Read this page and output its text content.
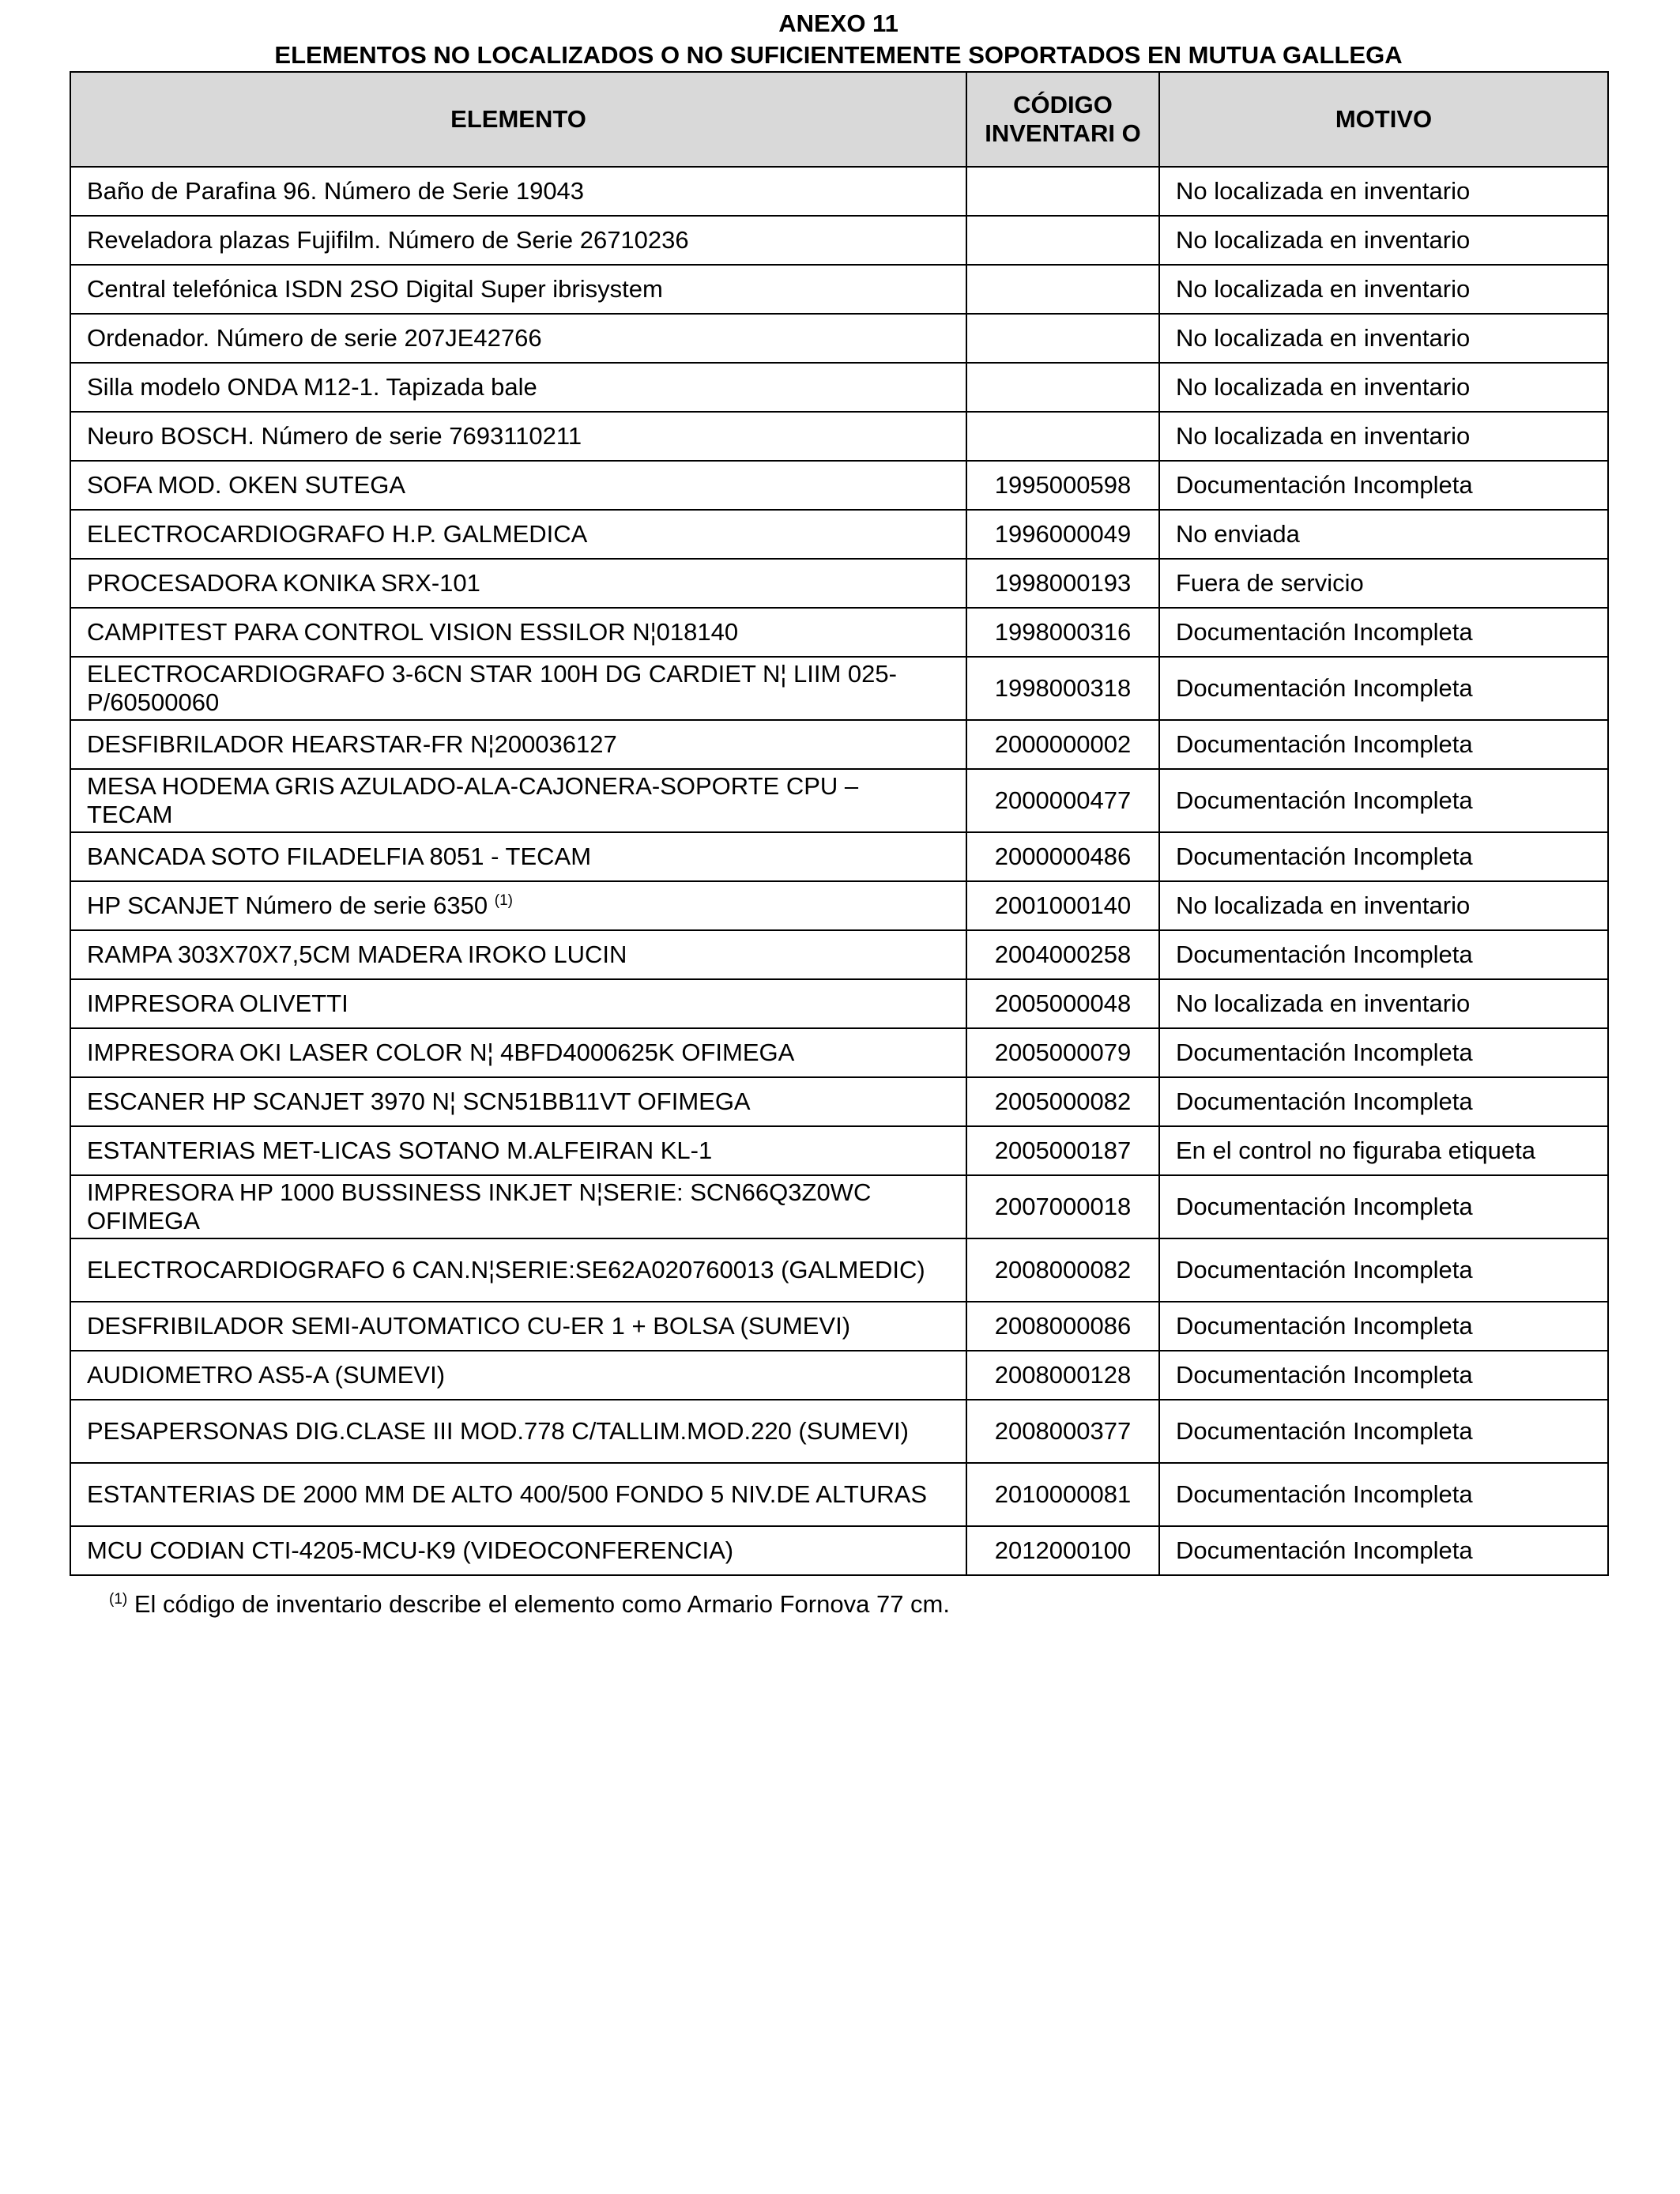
ANEXO 11
ELEMENTOS NO LOCALIZADOS O NO SUFICIENTEMENTE SOPORTADOS EN MUTUA GALLEGA
ELEMENTO	CÓDIGO INVENTARI O	MOTIVO
Baño de Parafina 96. Número de Serie 19043		No localizada en inventario
Reveladora plazas Fujifilm. Número de Serie 26710236		No localizada en inventario
Central telefónica ISDN 2SO Digital Super ibrisystem		No localizada en inventario
Ordenador. Número de serie 207JE42766		No localizada en inventario
Silla modelo ONDA M12-1. Tapizada bale		No localizada en inventario
Neuro BOSCH. Número de serie 7693110211		No localizada en inventario
SOFA MOD. OKEN SUTEGA	1995000598	Documentación Incompleta
ELECTROCARDIOGRAFO H.P. GALMEDICA	1996000049	No enviada
PROCESADORA KONIKA SRX-101	1998000193	Fuera de servicio
CAMPITEST PARA CONTROL VISION ESSILOR N¦018140	1998000316	Documentación Incompleta
ELECTROCARDIOGRAFO 3-6CN STAR 100H DG CARDIET N¦ LIIM 025-P/60500060	1998000318	Documentación Incompleta
DESFIBRILADOR HEARSTAR-FR N¦200036127	2000000002	Documentación Incompleta
MESA HODEMA GRIS AZULADO-ALA-CAJONERA-SOPORTE CPU – TECAM	2000000477	Documentación Incompleta
BANCADA SOTO FILADELFIA 8051 - TECAM	2000000486	Documentación Incompleta
HP SCANJET Número de serie 6350 $^{(1)}$	2001000140	No localizada en inventario
RAMPA 303X70X7,5CM MADERA IROKO LUCIN	2004000258	Documentación Incompleta
IMPRESORA OLIVETTI	2005000048	No localizada en inventario
IMPRESORA OKI LASER COLOR N¦ 4BFD4000625K OFIMEGA	2005000079	Documentación Incompleta
ESCANER HP SCANJET 3970 N¦ SCN51BB11VT OFIMEGA	2005000082	Documentación Incompleta
ESTANTERIAS MET-LICAS SOTANO M.ALFEIRAN KL-1	2005000187	En el control no figuraba etiqueta
IMPRESORA HP 1000 BUSSINESS INKJET N¦SERIE: SCN66Q3Z0WC OFIMEGA	2007000018	Documentación Incompleta
ELECTROCARDIOGRAFO 6 CAN.N¦SERIE:SE62A020760013 (GALMEDIC)	2008000082	Documentación Incompleta
DESFRIBILADOR SEMI-AUTOMATICO CU-ER 1 + BOLSA (SUMEVI)	2008000086	Documentación Incompleta
AUDIOMETRO AS5-A (SUMEVI)	2008000128	Documentación Incompleta
PESAPERSONAS DIG.CLASE III MOD.778 C/TALLIM.MOD.220 (SUMEVI)	2008000377	Documentación Incompleta
ESTANTERIAS DE 2000 MM DE ALTO 400/500 FONDO 5 NIV.DE ALTURAS	2010000081	Documentación Incompleta
MCU CODIAN CTI-4205-MCU-K9 (VIDEOCONFERENCIA)	2012000100	Documentación Incompleta
$^{(1)}$ El código de inventario describe el elemento como Armario Fornova 77 cm.
